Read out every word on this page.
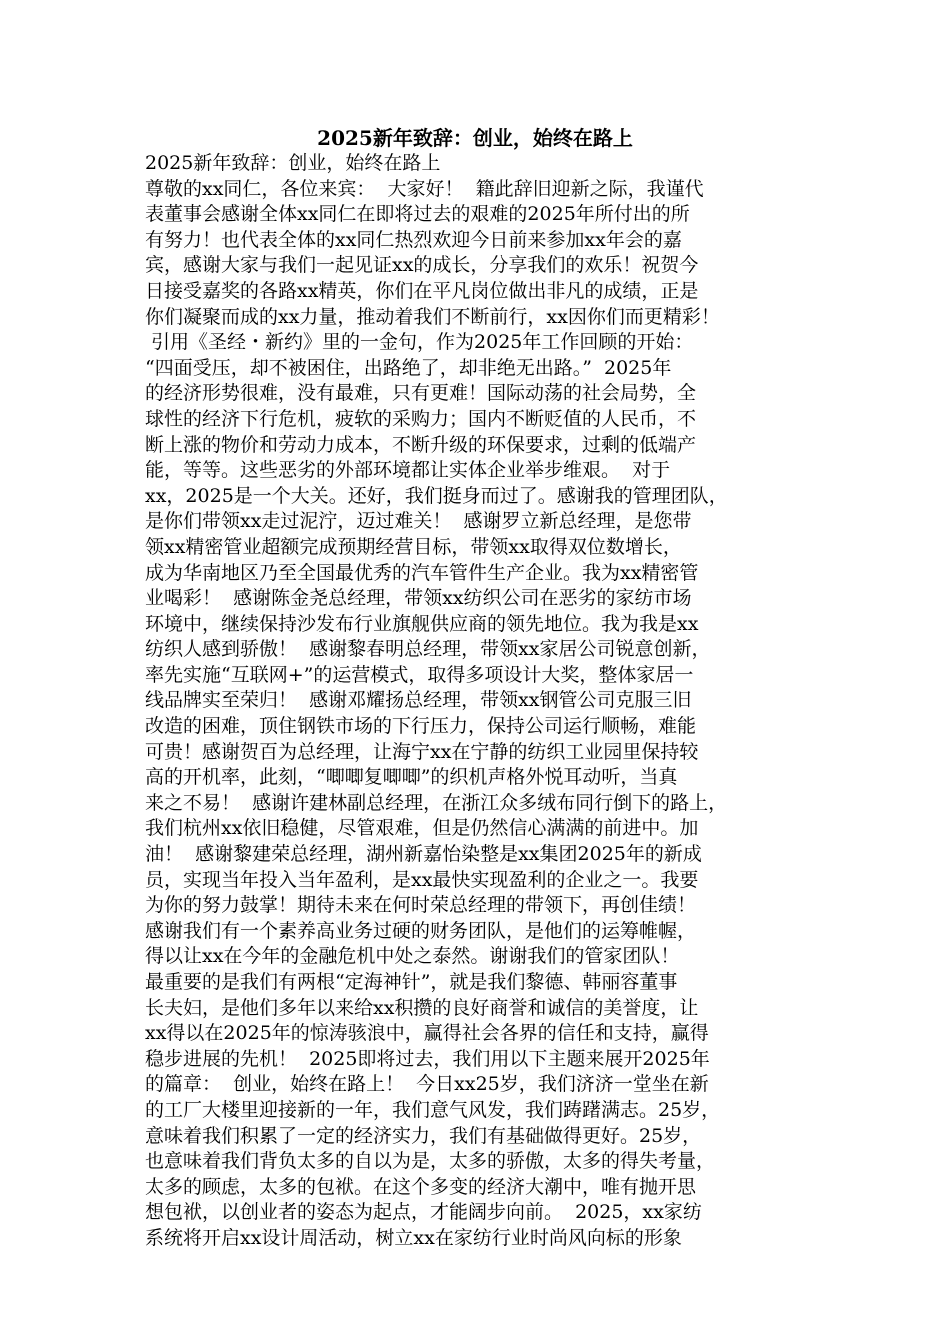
2025新年致辞：创业，始终在路上
2025新年致辞：创业，始终在路上
尊敬的xx同仁，各位来宾：  大家好！  籍此辞旧迎新之际，我谨代
表董事会感谢全体xx同仁在即将过去的艰难的2025年所付出的所
有努力！也代表全体的xx同仁热烈欢迎今日前来参加xx年会的嘉
宾，感谢大家与我们一起见证xx的成长，分享我们的欢乐！祝贺今
日接受嘉奖的各路xx精英，你们在平凡岗位做出非凡的成绩，正是
你们凝聚而成的xx力量，推动着我们不断前行，xx因你们而更精彩！
引用《圣经・新约》里的一金句，作为2025年工作回顾的开始：
“四面受压，却不被困住，出路绝了，却非绝无出路。”  2025年
的经济形势很难，没有最难，只有更难！国际动荡的社会局势，全
球性的经济下行危机，疲软的采购力；国内不断贬值的人民币，不
断上涨的物价和劳动力成本，不断升级的环保要求，过剩的低端产
能，等等。这些恶劣的外部环境都让实体企业举步维艰。  对于
xx，2025是一个大关。还好，我们挺身而过了。感谢我的管理团队，
是你们带领xx走过泥泞，迈过难关！  感谢罗立新总经理，是您带
领xx精密管业超额完成预期经营目标，带领xx取得双位数增长，
成为华南地区乃至全国最优秀的汽车管件生产企业。我为xx精密管
业喝彩！  感谢陈金尧总经理，带领xx纺织公司在恶劣的家纺市场
环境中，继续保持沙发布行业旗舰供应商的领先地位。我为我是xx
纺织人感到骄傲！  感谢黎春明总经理，带领xx家居公司锐意创新，
率先实施“互联网+”的运营模式，取得多项设计大奖，整体家居一
线品牌实至荣归！  感谢邓耀扬总经理，带领xx钢管公司克服三旧
改造的困难，顶住钢铁市场的下行压力，保持公司运行顺畅，难能
可贵！感谢贺百为总经理，让海宁xx在宁静的纺织工业园里保持较
高的开机率，此刻，“唧唧复唧唧”的织机声格外悦耳动听，当真
来之不易！  感谢许建林副总经理，在浙江众多绒布同行倒下的路上，
我们杭州xx依旧稳健，尽管艰难，但是仍然信心满满的前进中。加
油！  感谢黎建荣总经理，湖州新嘉怡染整是xx集团2025年的新成
员，实现当年投入当年盈利，是xx最快实现盈利的企业之一。我要
为你的努力鼓掌！期待未来在何时荣总经理的带领下，再创佳绩！
感谢我们有一个素养高业务过硬的财务团队，是他们的运筹帷幄，
得以让xx在今年的金融危机中处之泰然。谢谢我们的管家团队！
最重要的是我们有两根“定海神针”，就是我们黎德、韩丽容董事
长夫妇，是他们多年以来给xx积攒的良好商誉和诚信的美誉度，让
xx得以在2025年的惊涛骇浪中，赢得社会各界的信任和支持，赢得
稳步进展的先机！  2025即将过去，我们用以下主题来展开2025年
的篇章：  创业，始终在路上！  今日xx25岁，我们济济一堂坐在新
的工厂大楼里迎接新的一年，我们意气风发，我们踌躇满志。25岁，
意味着我们积累了一定的经济实力，我们有基础做得更好。25岁，
也意味着我们背负太多的自以为是，太多的骄傲，太多的得失考量，
太多的顾虑，太多的包袱。在这个多变的经济大潮中，唯有抛开思
想包袱，以创业者的姿态为起点，才能阔步向前。  2025，xx家纺
系统将开启xx设计周活动，树立xx在家纺行业时尚风向标的形象
